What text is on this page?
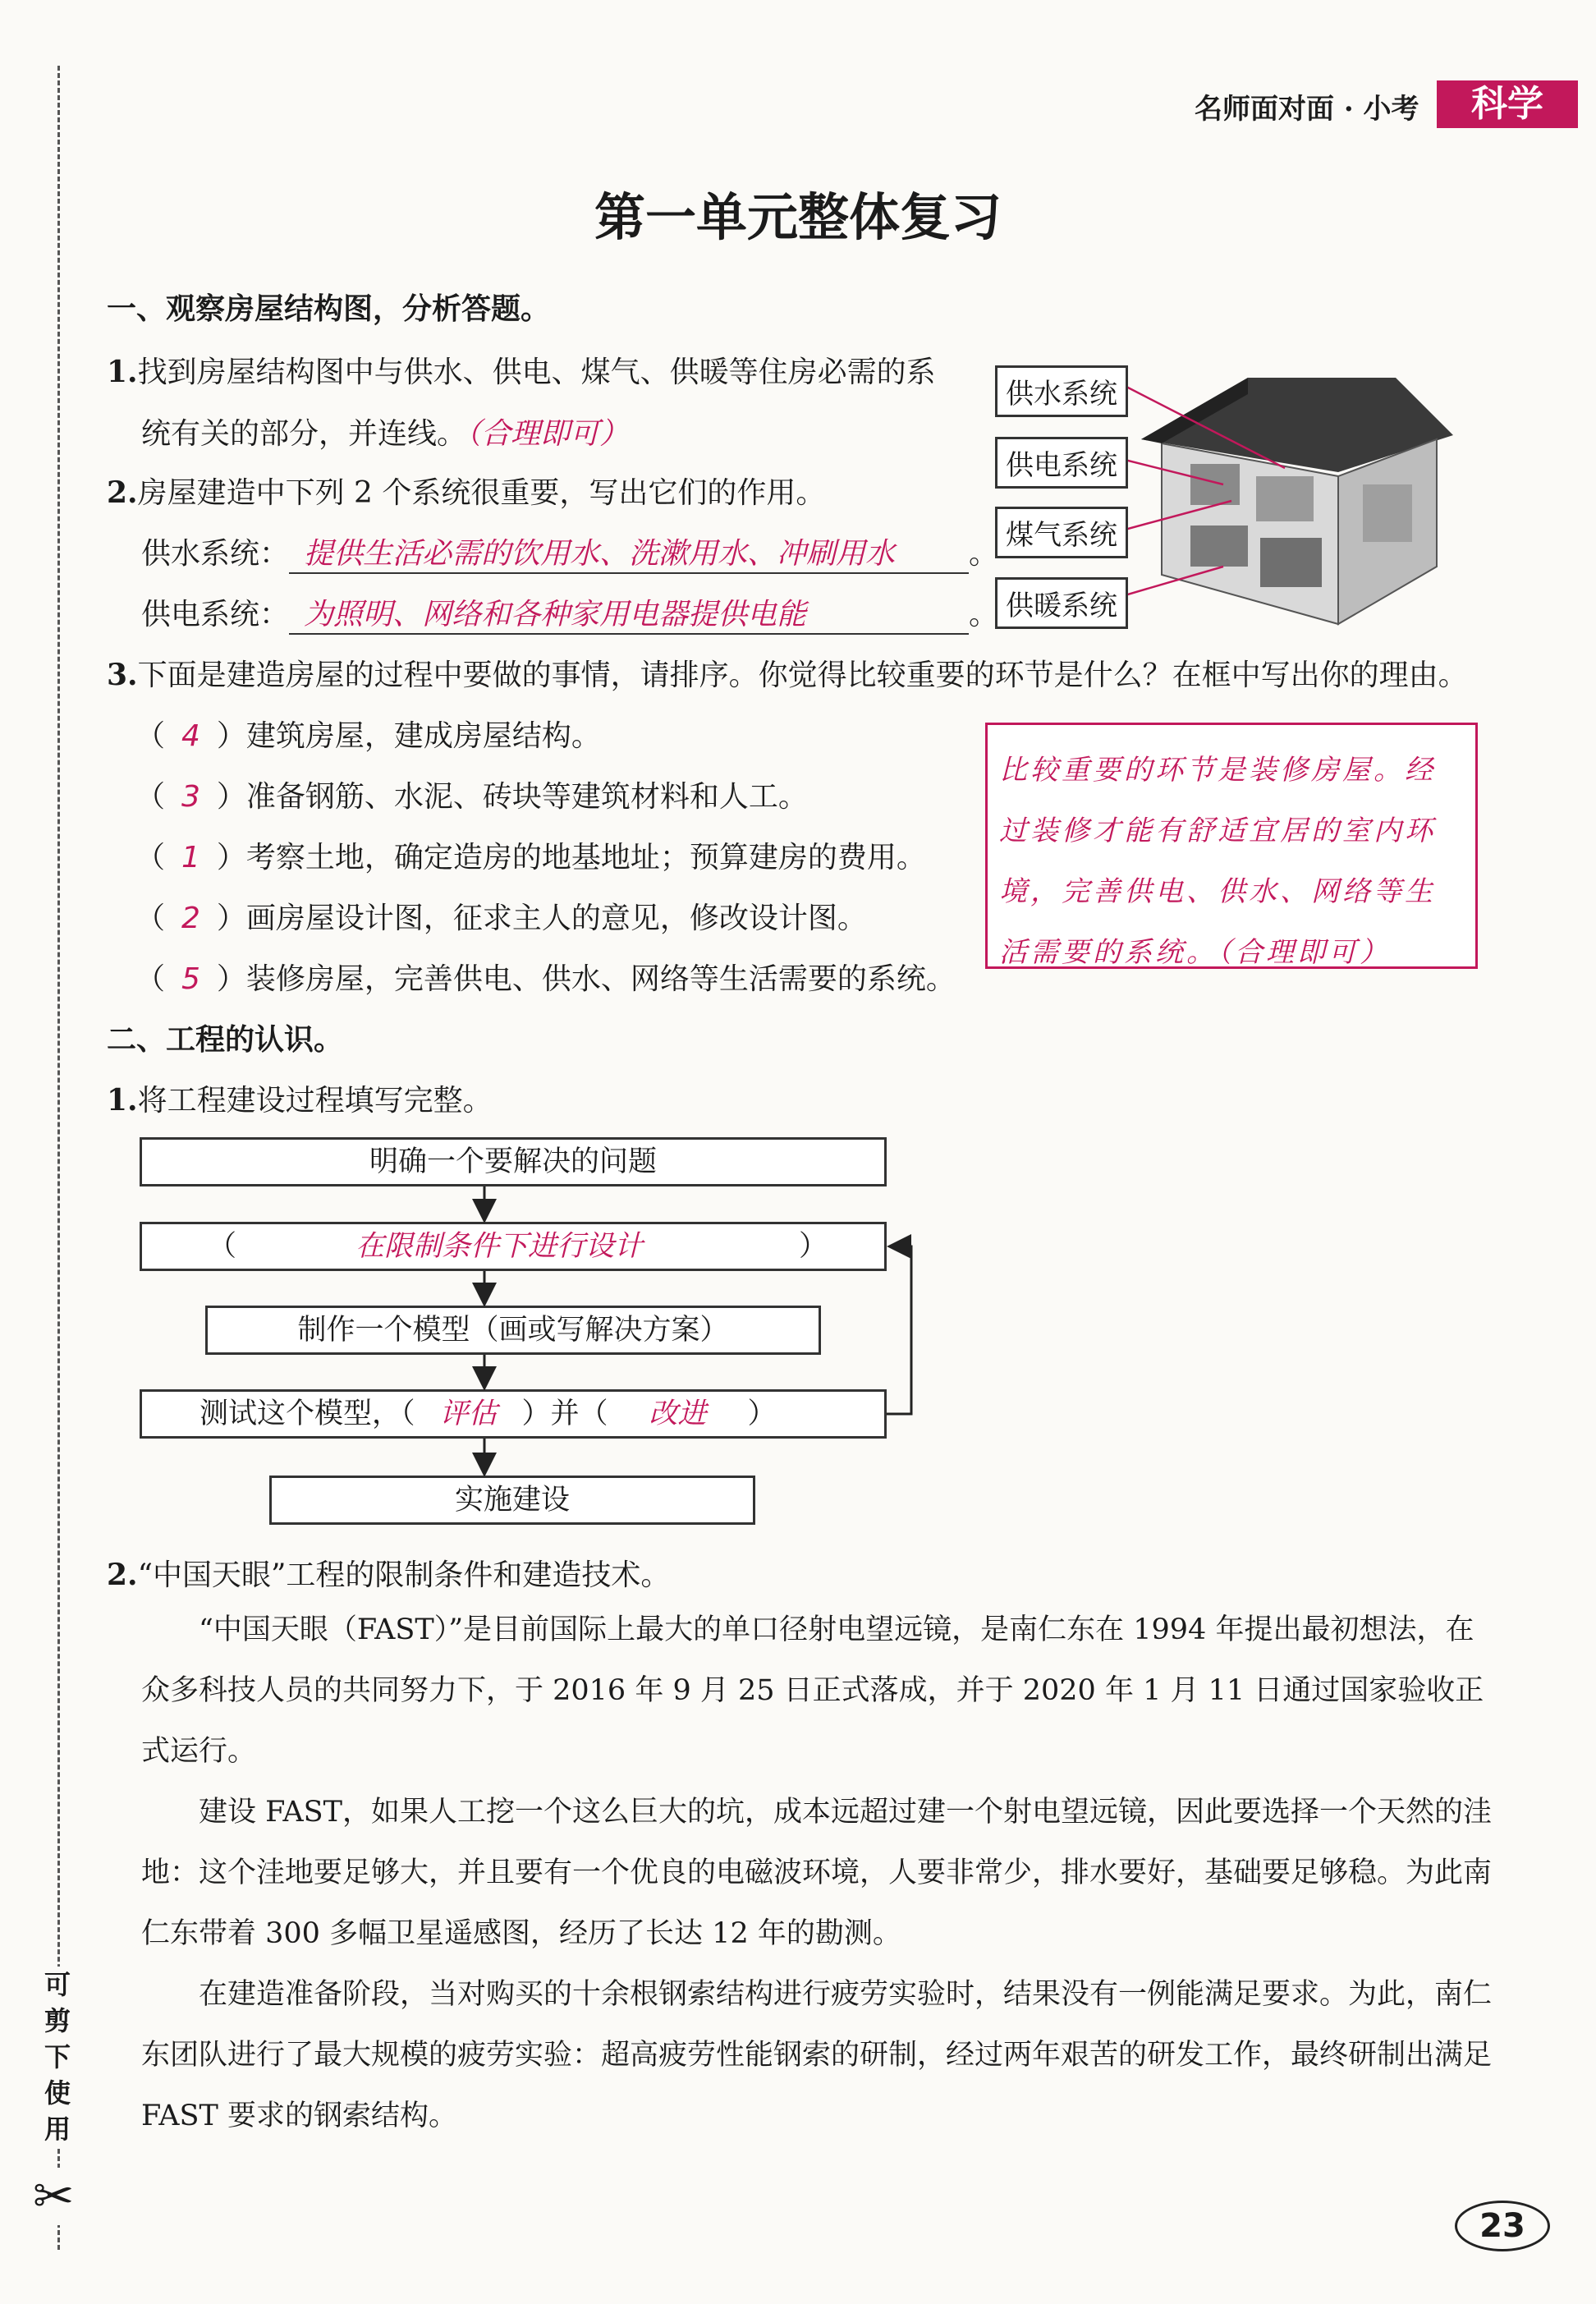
可
剪
下
使
用
✂
名师面对面 · 小考	科学
第一单元整体复习
一、观察房屋结构图，分析答题。
1.找到房屋结构图中与供水、供电、煤气、供暖等住房必需的系
统有关的部分，并连线。（合理即可）
供水系统
供电系统
煤气系统
供暖系统
2.房屋建造中下列 2 个系统很重要，写出它们的作用。
供水系统： 提供生活必需的饮用水、洗漱用水、冲刷用水 。
供电系统： 为照明、网络和各种家用电器提供电能	。
3.下面是建造房屋的过程中要做的事情，请排序。你觉得比较重要的环节是什么？在框中写出你的理由。
（ 4 ）建筑房屋，建成房屋结构。
（ 3 ）准备钢筋、水泥、砖块等建筑材料和人工。
（ 1 ）考察土地，确定造房的地基地址；预算建房的费用。
（ 2 ）画房屋设计图，征求主人的意见，修改设计图。
（ 5 ）装修房屋，完善供电、供水、网络等生活需要的系统。
比较重要的环节是装修房屋。经过装修才能有舒适宜居的室内环境，完善供电、供水、网络等生活需要的系统。（合理即可）
二、工程的认识。
1.将工程建设过程填写完整。
明确一个要解决的问题
（	在限制条件下进行设计	）
制作一个模型（画或写解决方案）
测试这个模型，（ 评估 ）并（ 改进 ）
实施建设
2.“中国天眼”工程的限制条件和建造技术。
“中国天眼（FAST）”是目前国际上最大的单口径射电望远镜，是南仁东在 1994 年提出最初想法，在众多科技人员的共同努力下，于 2016 年 9 月 25 日正式落成，并于 2020 年 1 月 11 日通过国家验收正式运行。
建设 FAST，如果人工挖一个这么巨大的坑，成本远超过建一个射电望远镜，因此要选择一个天然的洼地：这个洼地要足够大，并且要有一个优良的电磁波环境，人要非常少，排水要好，基础要足够稳。为此南仁东带着 300 多幅卫星遥感图，经历了长达 12 年的勘测。
在建造准备阶段，当对购买的十余根钢索结构进行疲劳实验时，结果没有一例能满足要求。为此，南仁东团队进行了最大规模的疲劳实验：超高疲劳性能钢索的研制，经过两年艰苦的研发工作，最终研制出满足 FAST 要求的钢索结构。
23
